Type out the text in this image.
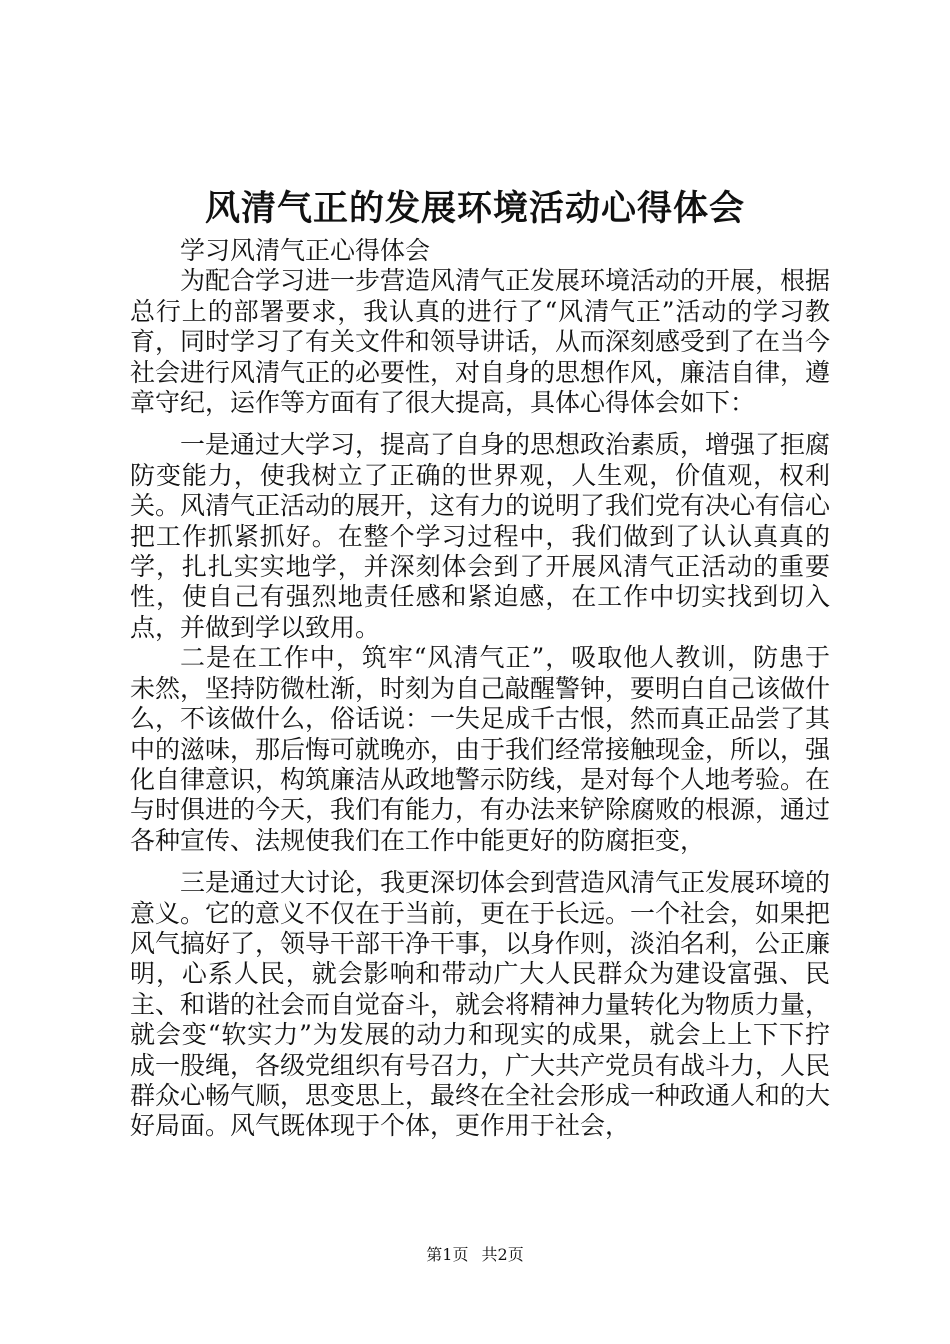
风清气正的发展环境活动心得体会

学习风清气正心得体会

为配合学习进一步营造风清气正发展环境活动的开展，根据总行上的部署要求，我认真的进行了“风清气正”活动的学习教育，同时学习了有关文件和领导讲话，从而深刻感受到了在当今社会进行风清气正的必要性，对自身的思想作风，廉洁自律，遵章守纪，运作等方面有了很大提高，具体心得体会如下：

一是通过大学习，提高了自身的思想政治素质，增强了拒腐防变能力，使我树立了正确的世界观，人生观，价值观，权利关。风清气正活动的展开，这有力的说明了我们党有决心有信心把工作抓紧抓好。在整个学习过程中，我们做到了认认真真的学，扎扎实实地学，并深刻体会到了开展风清气正活动的重要性，使自己有强烈地责任感和紧迫感，在工作中切实找到切入点，并做到学以致用。

二是在工作中，筑牢“风清气正”，吸取他人教训，防患于未然，坚持防微杜渐，时刻为自己敲醒警钟，要明白自己该做什么，不该做什么，俗话说：一失足成千古恨，然而真正品尝了其中的滋味，那后悔可就晚亦，由于我们经常接触现金，所以，强化自律意识，构筑廉洁从政地警示防线，是对每个人地考验。在与时俱进的今天，我们有能力，有办法来铲除腐败的根源，通过各种宣传、法规使我们在工作中能更好的防腐拒变，

三是通过大讨论，我更深切体会到营造风清气正发展环境的意义。它的意义不仅在于当前，更在于长远。一个社会，如果把风气搞好了，领导干部干净干事，以身作则，淡泊名利，公正廉明，心系人民，就会影响和带动广大人民群众为建设富强、民主、和谐的社会而自觉奋斗，就会将精神力量转化为物质力量，就会变“软实力”为发展的动力和现实的成果，就会上上下下拧成一股绳，各级党组织有号召力，广大共产党员有战斗力，人民群众心畅气顺，思变思上，最终在全社会形成一种政通人和的大好局面。风气既体现于个体，更作用于社会，

第1页 共2页
